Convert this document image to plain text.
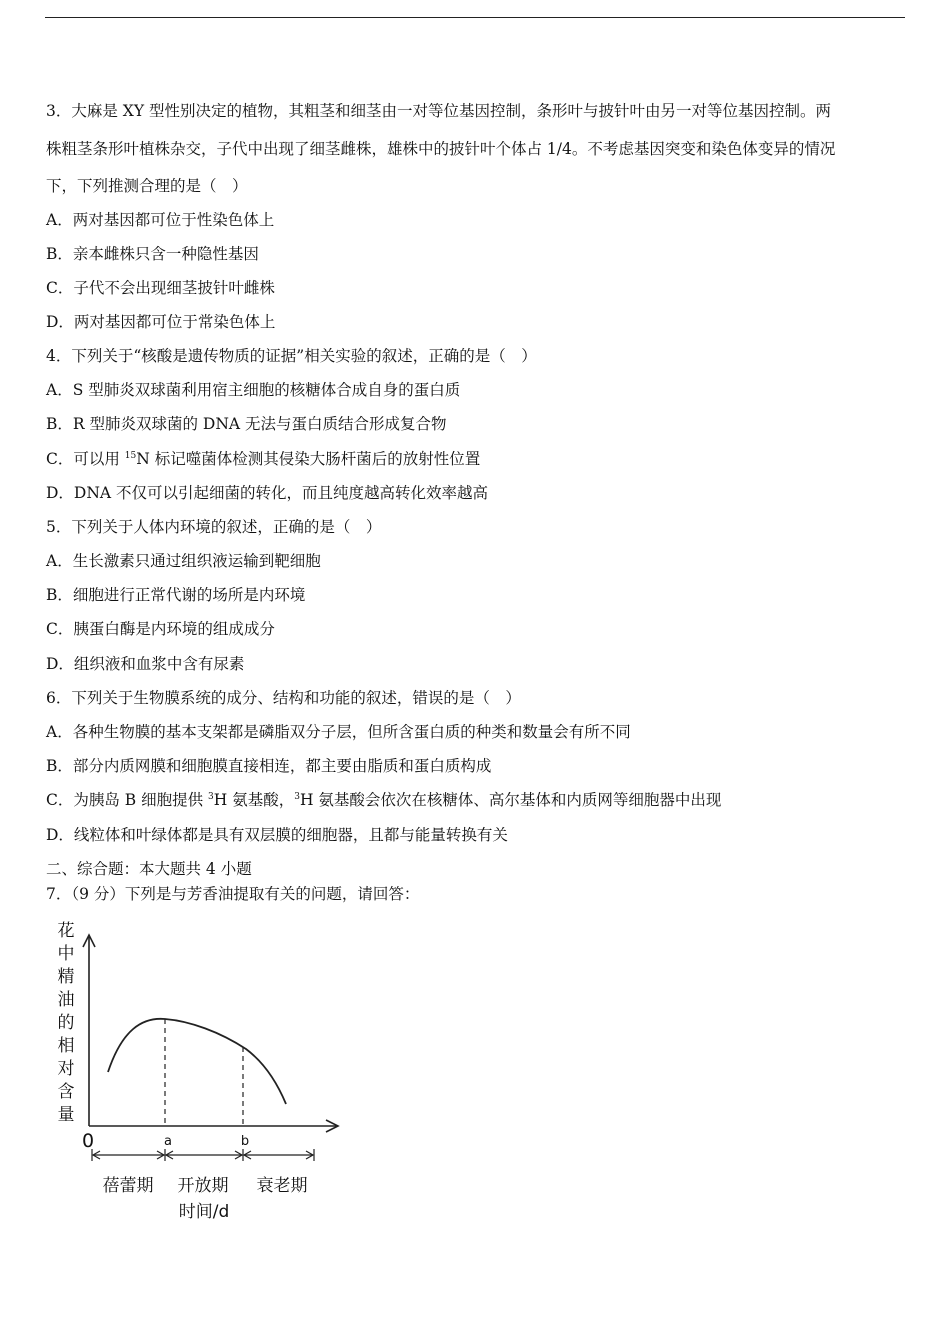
3．大麻是 XY 型性别决定的植物，其粗茎和细茎由一对等位基因控制，条形叶与披针叶由另一对等位基因控制。两
株粗茎条形叶植株杂交，子代中出现了细茎雌株，雄株中的披针叶个体占 1/4。不考虑基因突变和染色体变异的情况
下，下列推测合理的是（　）
A．两对基因都可位于性染色体上
B．亲本雌株只含一种隐性基因
C．子代不会出现细茎披针叶雌株
D．两对基因都可位于常染色体上
4．下列关于“核酸是遗传物质的证据”相关实验的叙述，正确的是（　）
A．S 型肺炎双球菌利用宿主细胞的核糖体合成自身的蛋白质
B．R 型肺炎双球菌的 DNA 无法与蛋白质结合形成复合物
C．可以用 $^{15}$N 标记噬菌体检测其侵染大肠杆菌后的放射性位置
D．DNA 不仅可以引起细菌的转化，而且纯度越高转化效率越高
5．下列关于人体内环境的叙述，正确的是（　）
A．生长激素只通过组织液运输到靶细胞
B．细胞进行正常代谢的场所是内环境
C．胰蛋白酶是内环境的组成成分
D．组织液和血浆中含有尿素
6．下列关于生物膜系统的成分、结构和功能的叙述，错误的是（　）
A．各种生物膜的基本支架都是磷脂双分子层，但所含蛋白质的种类和数量会有所不同
B．部分内质网膜和细胞膜直接相连，都主要由脂质和蛋白质构成
C．为胰岛 B 细胞提供 $^3$H 氨基酸，$^3$H 氨基酸会依次在核糖体、高尔基体和内质网等细胞器中出现
D．线粒体和叶绿体都是具有双层膜的细胞器，且都与能量转换有关
二、综合题：本大题共 4 小题
7．（9 分）下列是与芳香油提取有关的问题，请回答：
花
中
精
油
的
相
对
含
量
0	a	b
蓓蕾期 开放期 衰老期
时间/d
